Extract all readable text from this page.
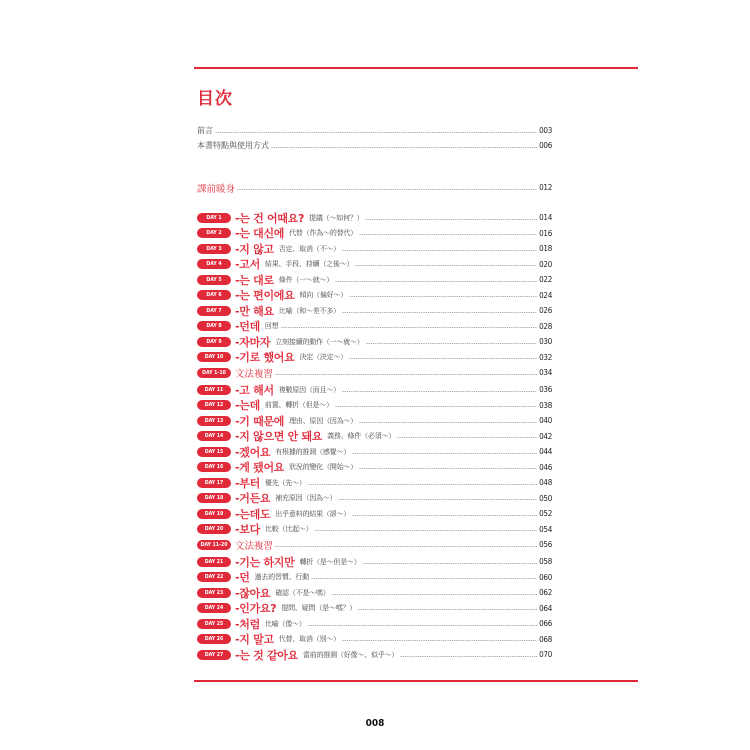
目次
前言	003
本書特點與使用方式	006
課前暖身	012
DAY 1	-는 건 어때요? 提議（～如何？）	014
DAY 2	-는 대신에 代替（作為～的替代）	016
DAY 3	-지 않고 否定、取消（不～）	018
DAY 4	-고서 結果、手段、持續（之後～）	020
DAY 5	-는 대로 條件（一～就～）	022
DAY 6	-는 편이에요 傾向（偏好～）	024
DAY 7	-만 해요 比喻（和～差不多）	026
DAY 8	-던데 回想	028
DAY 9	-자마자 立刻接續的動作（一～就～）	030
DAY 10	-기로 했어요 決定（決定～）	032
DAY 1-10 文法複習	034
DAY 11	-고 해서 複數原因（而且～）	036
DAY 12	-는데 前置、轉折（但是～）	038
DAY 13	-기 때문에 理由、原因（因為～）	040
DAY 14	-지 않으면 안 돼요 義務、條件（必須～）	042
DAY 15	-겠어요 有根據的推測（感覺～）	044
DAY 16	-게 됐어요 狀況的變化（開始～）	046
DAY 17	-부터 優先（先～）	048
DAY 18	-거든요 補充原因（因為～）	050
DAY 19	-는데도 出乎意料的結果（卻～）	052
DAY 20	-보다 比較（比起～）	054
DAY 11-20 文法複習	056
DAY 21	-기는 하지만 轉折（是～但是～）	058
DAY 22	-던 過去的習慣、行動	060
DAY 23	-잖아요 確認（不是～嗎）	062
DAY 24	-인가요? 提問、疑問（是～嗎？）	064
DAY 25	-처럼 比喻（像～）	066
DAY 26	-지 말고 代替、取消（別～）	068
DAY 27	-는 것 같아요 當前的推測（好像～、似乎～）	070
008
